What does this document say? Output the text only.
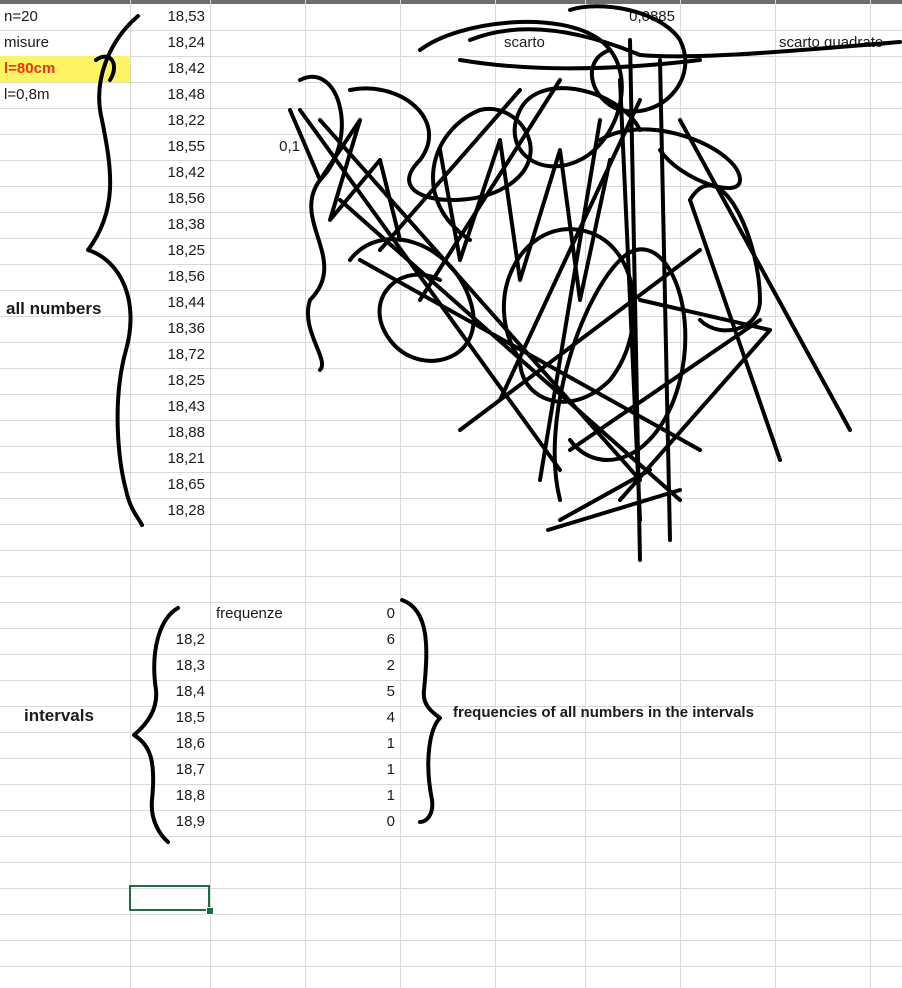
n=20
misure
l=80cm
l=0,8m
18,53
18,24
18,42
18,48
18,22
18,55
18,42
18,56
18,38
18,25
18,56
18,44
18,36
18,72
18,25
18,43
18,88
18,21
18,65
18,28
0,1
0,0885
scarto	scarto quadrato
all numbers
intervals	frequencies of all numbers in the intervals
frequenze
18,2
18,3
18,4
18,5
18,6
18,7
18,8
18,9
0
6
2
5
4
1
1
1
0
